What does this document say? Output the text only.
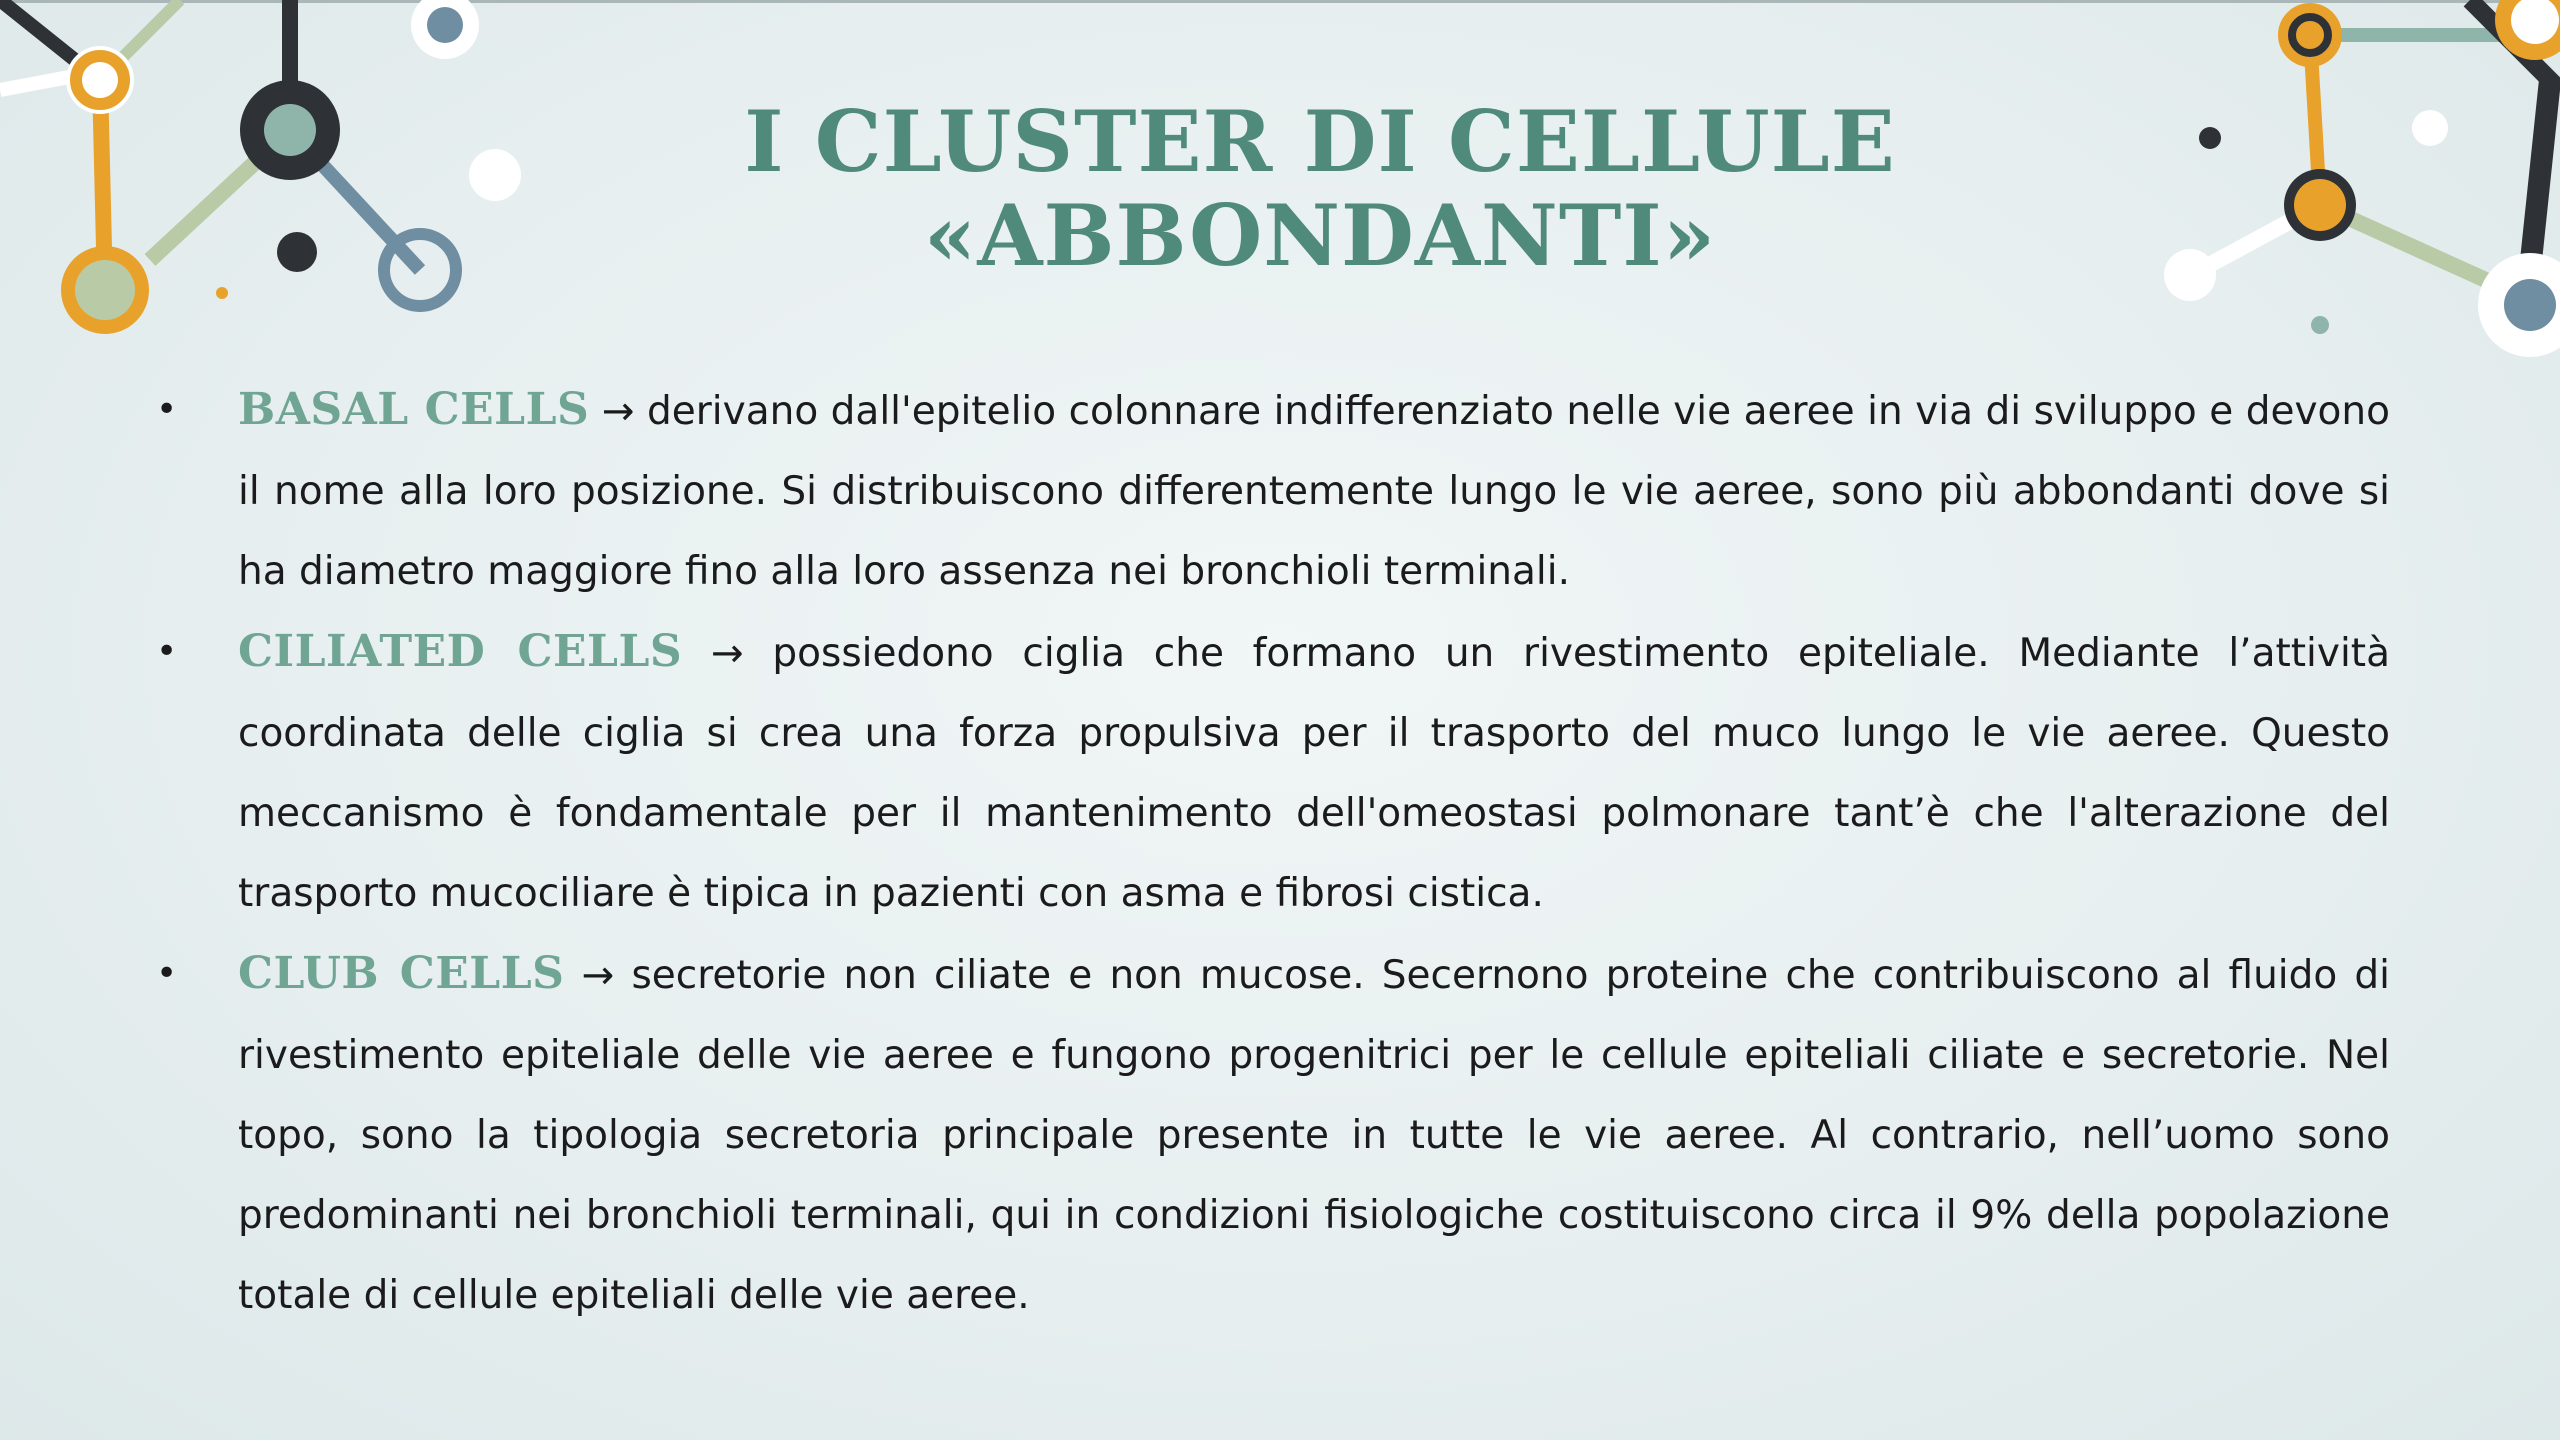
I CLUSTER DI CELLULE
«ABBONDANTI»
• BASAL CELLS → derivano dall'epitelio colonnare indifferenziato nelle vie aeree in via di sviluppo e devono il nome alla loro posizione. Si distribuiscono differentemente lungo le vie aeree, sono più abbondanti dove si ha diametro maggiore fino alla loro assenza nei bronchioli terminali.
• CILIATED CELLS → possiedono ciglia che formano un rivestimento epiteliale. Mediante l’attività coordinata delle ciglia si crea una forza propulsiva per il trasporto del muco lungo le vie aeree. Questo meccanismo è fondamentale per il mantenimento dell'omeostasi polmonare tant’è che l'alterazione del trasporto mucociliare è tipica in pazienti con asma e fibrosi cistica.
• CLUB CELLS → secretorie non ciliate e non mucose. Secernono proteine che contribuiscono al fluido di rivestimento epiteliale delle vie aeree e fungono progenitrici per le cellule epiteliali ciliate e secretorie. Nel topo, sono la tipologia secretoria principale presente in tutte le vie aeree. Al contrario, nell’uomo sono predominanti nei bronchioli terminali, qui in condizioni fisiologiche costituiscono circa il 9% della popolazione totale di cellule epiteliali delle vie aeree.
